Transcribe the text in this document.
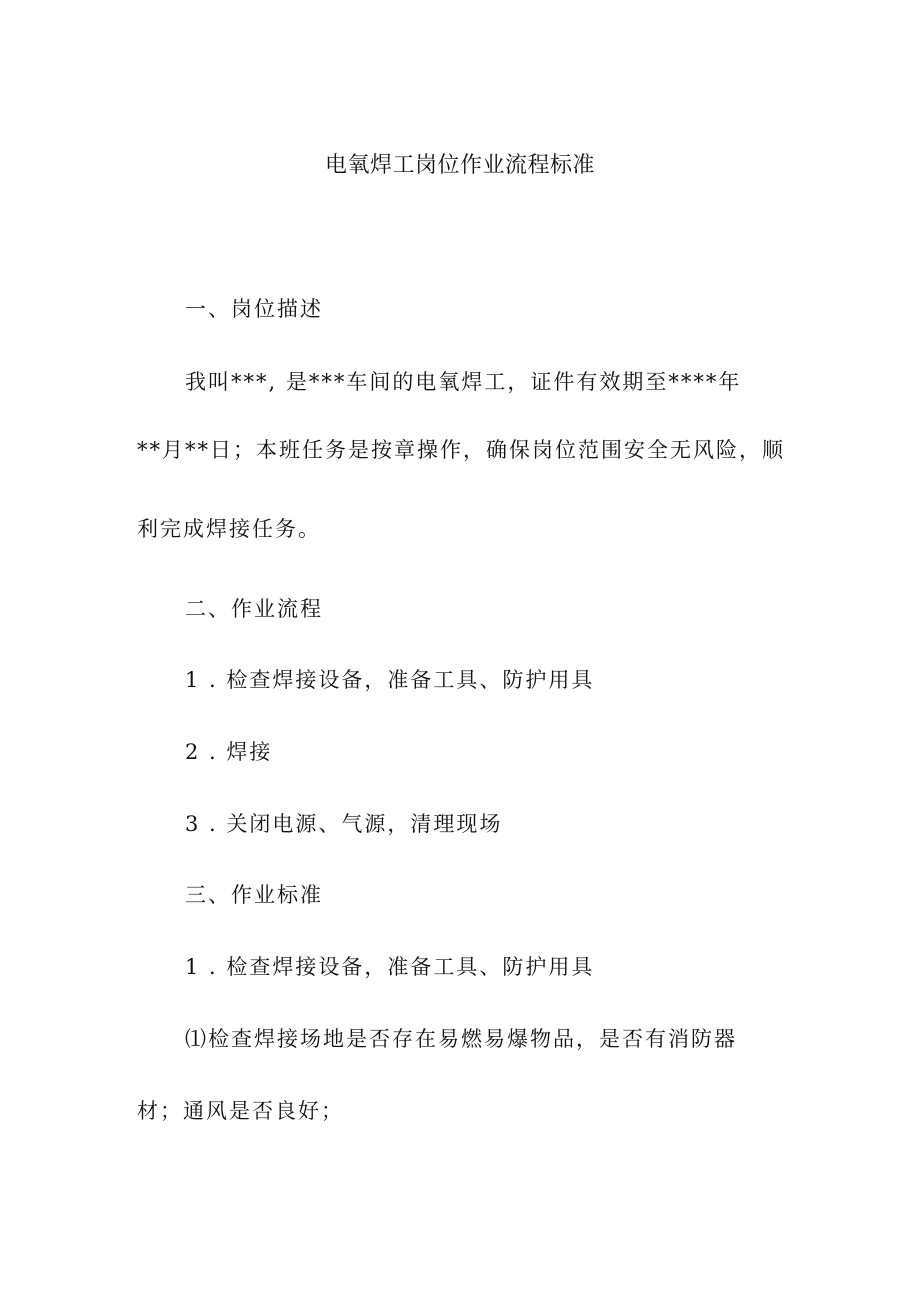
电氧焊工岗位作业流程标准
一、岗位描述
我叫***, 是***车间的电氧焊工，证件有效期至****年
**月**日；本班任务是按章操作，确保岗位范围安全无风险，顺
利完成焊接任务。
二、作业流程
1 . 检查焊接设备，准备工具、防护用具
2 . 焊接
3 . 关闭电源、气源，清理现场
三、作业标准
1 . 检查焊接设备，准备工具、防护用具
⑴检查焊接场地是否存在易燃易爆物品，是否有消防器
材；通风是否良好；
